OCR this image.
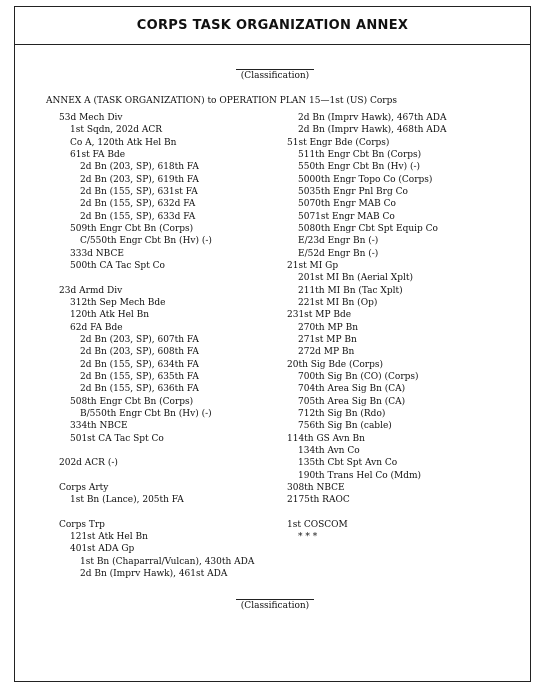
CORPS TASK ORGANIZATION ANNEX
(Classification)
ANNEX A (TASK ORGANIZATION) to OPERATION PLAN 15—1st (US) Corps
53d Mech Div
1st Sqdn, 202d ACR
Co A, 120th Atk Hel Bn
61st FA Bde
2d Bn (203, SP), 618th FA
2d Bn (203, SP), 619th FA
2d Bn (155, SP), 631st FA
2d Bn (155, SP), 632d FA
2d Bn (155, SP), 633d FA
509th Engr Cbt Bn (Corps)
C/550th Engr Cbt Bn (Hv) (-)
333d NBCE
500th CA Tac Spt Co
23d Armd Div
312th Sep Mech Bde
120th Atk Hel Bn
62d FA Bde
2d Bn (203, SP), 607th FA
2d Bn (203, SP), 608th FA
2d Bn (155, SP), 634th FA
2d Bn (155, SP), 635th FA
2d Bn (155, SP), 636th FA
508th Engr Cbt Bn (Corps)
B/550th Engr Cbt Bn (Hv) (-)
334th NBCE
501st CA Tac Spt Co
202d ACR (-)
Corps Arty
1st Bn (Lance), 205th FA
Corps Trp
121st Atk Hel Bn
401st ADA Gp
1st Bn (Chaparral/Vulcan), 430th ADA
2d Bn (Imprv Hawk), 461st ADA
2d Bn (Imprv Hawk), 467th ADA
2d Bn (Imprv Hawk), 468th ADA
51st Engr Bde (Corps)
511th Engr Cbt Bn (Corps)
550th Engr Cbt Bn (Hv) (-)
5000th Engr Topo Co (Corps)
5035th Engr Pnl Brg Co
5070th Engr MAB Co
5071st Engr MAB Co
5080th Engr Cbt Spt Equip Co
E/23d Engr Bn (-)
E/52d Engr Bn (-)
21st MI Gp
201st MI Bn (Aerial Xplt)
211th MI Bn (Tac Xplt)
221st MI Bn (Op)
231st MP Bde
270th MP Bn
271st MP Bn
272d MP Bn
20th Sig Bde (Corps)
700th Sig Bn (CO) (Corps)
704th Area Sig Bn (CA)
705th Area Sig Bn (CA)
712th Sig Bn (Rdo)
756th Sig Bn (cable)
114th GS Avn Bn
134th Avn Co
135th Cbt Spt Avn Co
190th Trans Hel Co (Mdm)
308th NBCE
2175th RAOC
1st COSCOM
* * *
(Classification)
